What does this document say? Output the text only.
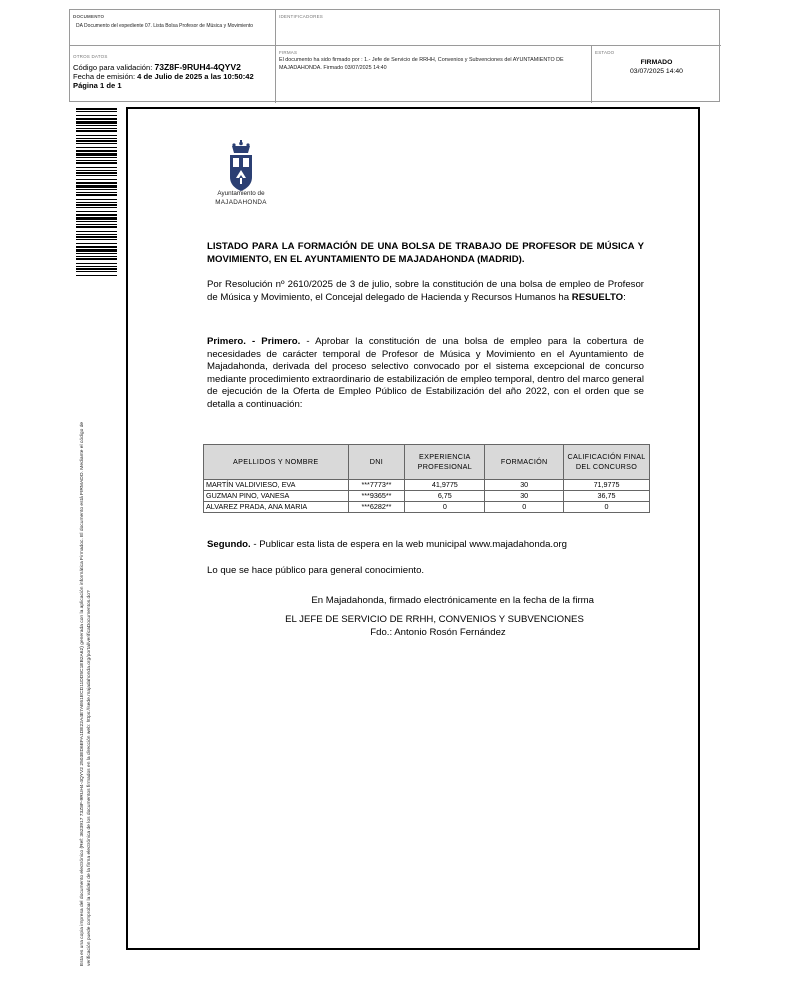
DOCUMENTO
DA Documento del expediente 07. Lista Bolsa Profesor de Música y Movimiento
IDENTIFICADORES
OTROS DATOS
Código para validación: 73Z8F-9RUH4-4QYV2
Fecha de emisión: 4 de Julio de 2025 a las 10:50:42
Página 1 de 1
FIRMAS
El documento ha sido firmado por : 1.- Jefe de Servicio de RRHH, Convenios y Subvenciones del AYUNTAMIENTO DE MAJADAHONDA. Firmado 03/07/2025 14:40
ESTADO
FIRMADO
03/07/2025 14:40
Esta es una copia impresa del documento electrónico (Ref: 3623917 73Z8F-9RUH4-4QYV2 2503ED6EFA1DE22A4E7AE61ECD11DD5C1EB2A62) generada con la aplicación informática Firmadoc. El documento está FIRMADO. Mediante el código de verificación puede comprobar la validez de la firma electrónica de los documentos firmados en la dirección web: https://sede.majadahonda.org/portal/verificaDocumentos.do?
Ayuntamiento de
MAJADAHONDA
LISTADO PARA LA FORMACIÓN DE UNA BOLSA DE TRABAJO DE PROFESOR DE MÚSICA Y MOVIMIENTO, EN EL AYUNTAMIENTO DE MAJADAHONDA (MADRID).
Por Resolución nº 2610/2025 de 3 de julio, sobre la constitución de una bolsa de empleo de Profesor de Música y Movimiento, el Concejal delegado de Hacienda y Recursos Humanos ha RESUELTO:
Primero. - Primero. - Aprobar la constitución de una bolsa de empleo para la cobertura de necesidades de carácter temporal de Profesor de Música y Movimiento en el Ayuntamiento de Majadahonda, derivada del proceso selectivo convocado por el sistema excepcional de concurso mediante procedimiento extraordinario de estabilización de empleo temporal, dentro del marco general de ejecución de la Oferta de Empleo Público de Estabilización del año 2022, con el orden que se detalla a continuación:
APELLIDOS Y NOMBRE	DNI	EXPERIENCIA PROFESIONAL	FORMACIÓN	CALIFICACIÓN FINAL DEL CONCURSO
MARTÍN VALDIVIESO, EVA	***7773**	41,9775	30	71,9775
GUZMAN PINO, VANESA	***9365**	6,75	30	36,75
ALVAREZ PRADA, ANA MARIA	***6282**	0	0	0
Segundo. - Publicar esta lista de espera en la web municipal www.majadahonda.org
Lo que se hace público para general conocimiento.
En Majadahonda, firmado electrónicamente en la fecha de la firma
EL JEFE DE SERVICIO DE RRHH, CONVENIOS Y SUBVENCIONES
Fdo.: Antonio Rosón Fernández
